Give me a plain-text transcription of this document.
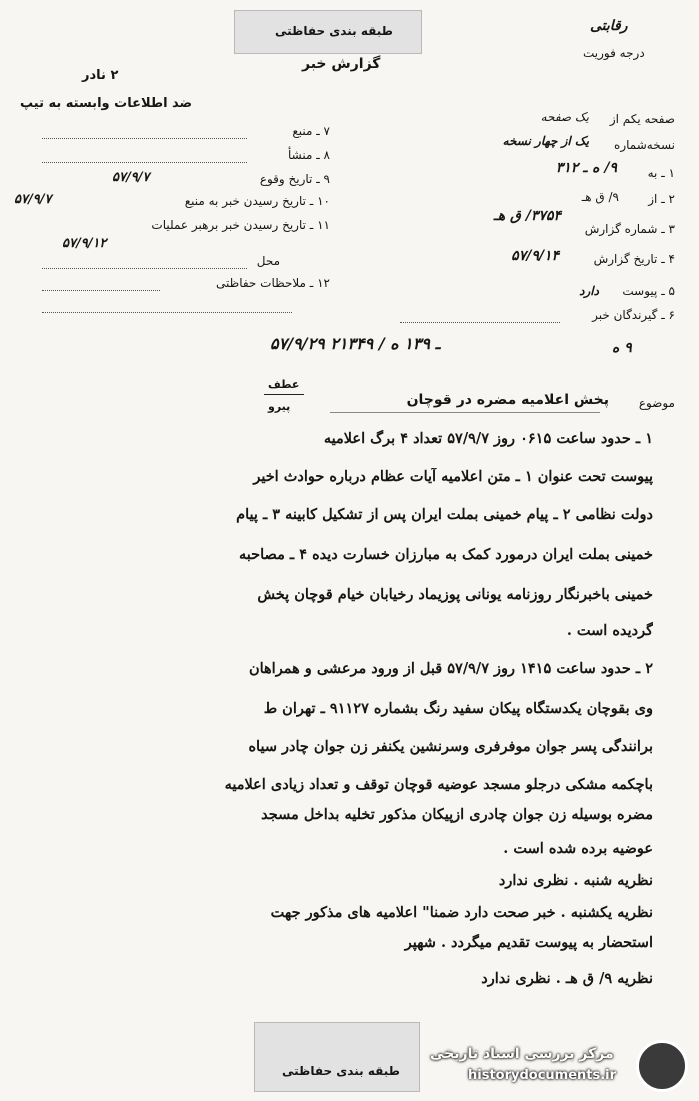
طبقه بندی حفاظتی
گزارش خبر
رقابتی
درجه فوریت
۲ نادر
ضد اطلاعات وابسته به تیپ
۷ ـ منبع
۸ ـ منشأ
۹ ـ تاریخ وقوع
۵۷/۹/۷
۱۰ ـ تاریخ رسیدن خبر به منبع
۵۷/۹/۷
۱۱ ـ تاریخ رسیدن خبر برهبر عملیات
۵۷/۹/۱۲
محل
۱۲ ـ ملاحظات حفاظتی
صفحه یکم از
یک صفحه
نسخه‌شماره
یک از چهار نسخه
۱ ـ به
۹/ ه ـ ۳۱۲
۲ ـ از
۹/ ق هـ
۳ ـ شماره گزارش
۳۷۵۴/ ق هـ
۴ ـ تاریخ گزارش
۵۷/۹/۱۴
۵ ـ پیوست
دارد
۶ ـ گیرندگان خبر
۵۷/۹/۲۹ ـ ۱۳۹ ه / ۲۱۳۴۹	۹ ه
عطف
پیرو	موضوع
پخش اعلامیه مضره در قوچان
۱ ـ حدود ساعت ۰۶۱۵ روز ۵۷/۹/۷ تعداد ۴ برگ اعلامیه
پیوست تحت عنوان ۱ ـ متن اعلامیه آیات عظام درباره حوادث اخیر
دولت نظامی ۲ ـ پیام خمینی بملت ایران پس از تشکیل کابینه ۳ ـ پیام
خمینی بملت ایران درمورد کمک به مبارزان خسارت دیده ۴ ـ مصاحبه
خمینی باخبرنگار روزنامه یونانی پوزیماد رخیابان خیام قوچان پخش
گردیده است .
۲ ـ حدود ساعت ۱۴۱۵ روز ۵۷/۹/۷ قبل از ورود مرعشی و همراهان
وی بقوچان یکدستگاه پیکان سفید رنگ بشماره ۹۱۱۲۷ ـ تهران ط
برانندگی پسر جوان موفرفری وسرنشین یکنفر زن جوان چادر سیاه
باچکمه مشکی درجلو مسجد عوضیه قوچان توقف و تعداد زیادی اعلامیه
مضره بوسیله زن جوان چادری ازپیکان مذکور تخلیه بداخل مسجد
عوضیه برده شده است .
نظریه شنبه . نظری ندارد
نظریه یکشنبه . خبر صحت دارد ضمنا" اعلامیه های مذکور جهت
استحضار به پیوست تقدیم میگردد . شهپر
نظریه ۹/ ق هـ . نظری ندارد
طبقه بندی حفاظتی
مرکز بررسی اسناد تاریخی
historydocuments.ir
